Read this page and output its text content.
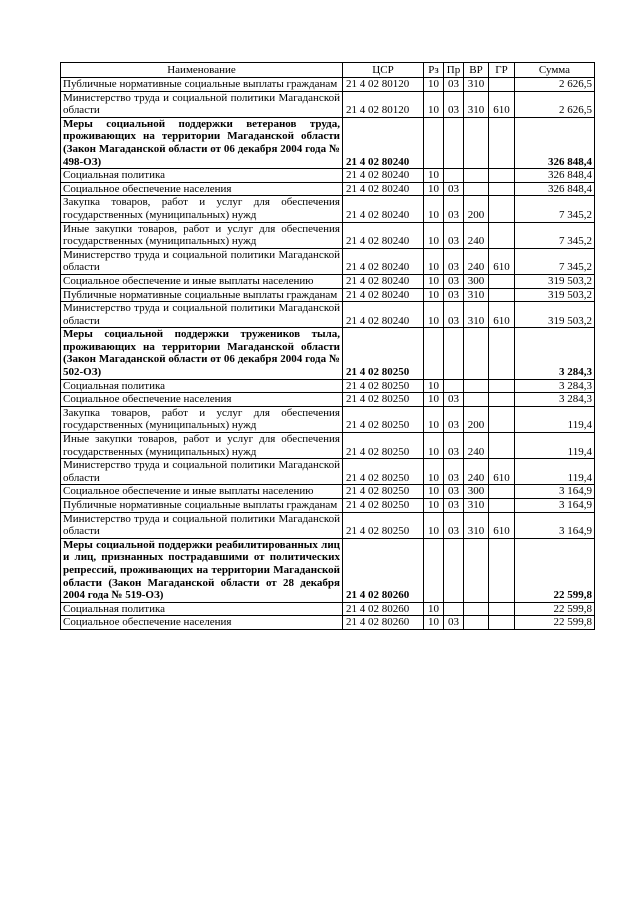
Наименование	ЦСР	Рз	Пр	ВР	ГР	Сумма
Публичные нормативные социальные выплаты гражданам	21 4 02 80120	10	03	310		2 626,5
Министерство труда и социальной политики Магаданской области	21 4 02 80120	10	03	310	610	2 626,5
Меры социальной поддержки ветеранов труда, проживающих на территории Магаданской области (Закон Магаданской области от 06 декабря 2004 года № 498-ОЗ)	21 4 02 80240					326 848,4
Социальная политика	21 4 02 80240	10				326 848,4
Социальное обеспечение населения	21 4 02 80240	10	03			326 848,4
Закупка товаров, работ и услуг для обеспечения государственных (муниципальных) нужд	21 4 02 80240	10	03	200		7 345,2
Иные закупки товаров, работ и услуг для обеспечения государственных (муниципальных) нужд	21 4 02 80240	10	03	240		7 345,2
Министерство труда и социальной политики Магаданской области	21 4 02 80240	10	03	240	610	7 345,2
Социальное обеспечение и иные выплаты населению	21 4 02 80240	10	03	300		319 503,2
Публичные нормативные социальные выплаты гражданам	21 4 02 80240	10	03	310		319 503,2
Министерство труда и социальной политики Магаданской области	21 4 02 80240	10	03	310	610	319 503,2
Меры социальной поддержки тружеников тыла, проживающих на территории Магаданской области (Закон Магаданской области от 06 декабря 2004 года № 502-ОЗ)	21 4 02 80250					3 284,3
Социальная политика	21 4 02 80250	10				3 284,3
Социальное обеспечение населения	21 4 02 80250	10	03			3 284,3
Закупка товаров, работ и услуг для обеспечения государственных (муниципальных) нужд	21 4 02 80250	10	03	200		119,4
Иные закупки товаров, работ и услуг для обеспечения государственных (муниципальных) нужд	21 4 02 80250	10	03	240		119,4
Министерство труда и социальной политики Магаданской области	21 4 02 80250	10	03	240	610	119,4
Социальное обеспечение и иные выплаты населению	21 4 02 80250	10	03	300		3 164,9
Публичные нормативные социальные выплаты гражданам	21 4 02 80250	10	03	310		3 164,9
Министерство труда и социальной политики Магаданской области	21 4 02 80250	10	03	310	610	3 164,9
Меры социальной поддержки реабилитированных лиц и лиц, признанных пострадавшими от политических репрессий, проживающих на территории Магаданской области (Закон Магаданской области от 28 декабря 2004 года № 519-ОЗ)	21 4 02 80260					22 599,8
Социальная политика	21 4 02 80260	10				22 599,8
Социальное обеспечение населения	21 4 02 80260	10	03			22 599,8
